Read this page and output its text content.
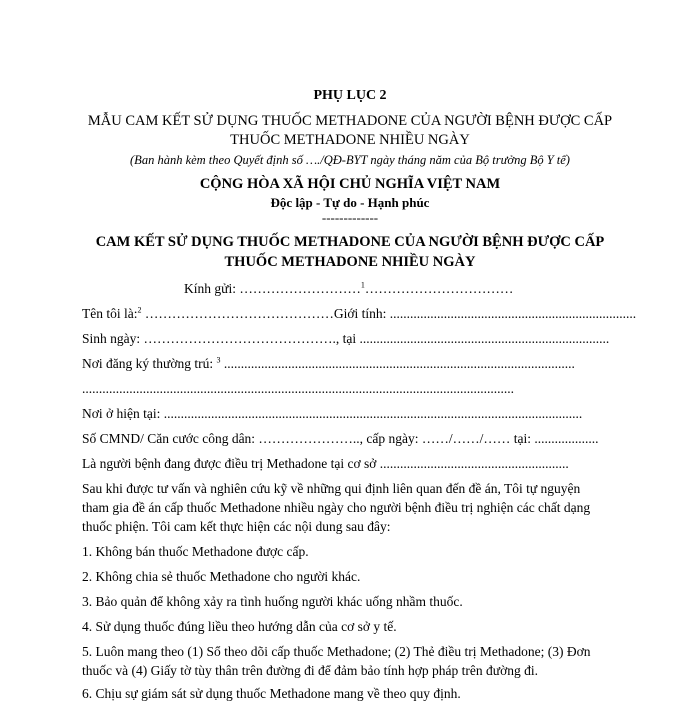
PHỤ LỤC 2
MẪU CAM KẾT SỬ DỤNG THUỐC METHADONE CỦA NGƯỜI BỆNH ĐƯỢC CẤP
THUỐC METHADONE NHIỀU NGÀY
(Ban hành kèm theo Quyết định số …./QĐ-BYT ngày tháng năm của Bộ trưởng Bộ Y tế)
CỘNG HÒA XÃ HỘI CHỦ NGHĨA VIỆT NAM
Độc lập - Tự do - Hạnh phúc
-------------
CAM KẾT SỬ DỤNG THUỐC METHADONE CỦA NGƯỜI BỆNH ĐƯỢC CẤP
THUỐC METHADONE NHIỀU NGÀY
Kính gửi: ………………………$^1$……………………………
Tên tôi là:$^2$ ……………………………………Giới tính: .........................................................................
Sinh ngày: ……………………………………., tại ..........................................................................
Nơi đăng ký thường trú: $^3$ ........................................................................................................
................................................................................................................................
Nơi ở hiện tại: ............................................................................................................................
Số CMND/ Căn cước công dân: ………………….., cấp ngày: ……/……/…… tại: ...................
Là người bệnh đang được điều trị Methadone tại cơ sở ........................................................
Sau khi được tư vấn và nghiên cứu kỹ về những qui định liên quan đến đề án, Tôi tự nguyện
tham gia đề án cấp thuốc Methadone nhiều ngày cho người bệnh điều trị nghiện các chất dạng
thuốc phiện. Tôi cam kết thực hiện các nội dung sau đây:
1. Không bán thuốc Methadone được cấp.
2. Không chia sẻ thuốc Methadone cho người khác.
3. Bảo quản để không xảy ra tình huống người khác uống nhầm thuốc.
4. Sử dụng thuốc đúng liều theo hướng dẫn của cơ sở y tế.
5. Luôn mang theo (1) Sổ theo dõi cấp thuốc Methadone; (2) Thẻ điều trị Methadone; (3) Đơn
thuốc và (4) Giấy tờ tùy thân trên đường đi để đảm bảo tính hợp pháp trên đường đi.
6. Chịu sự giám sát sử dụng thuốc Methadone mang về theo quy định.
